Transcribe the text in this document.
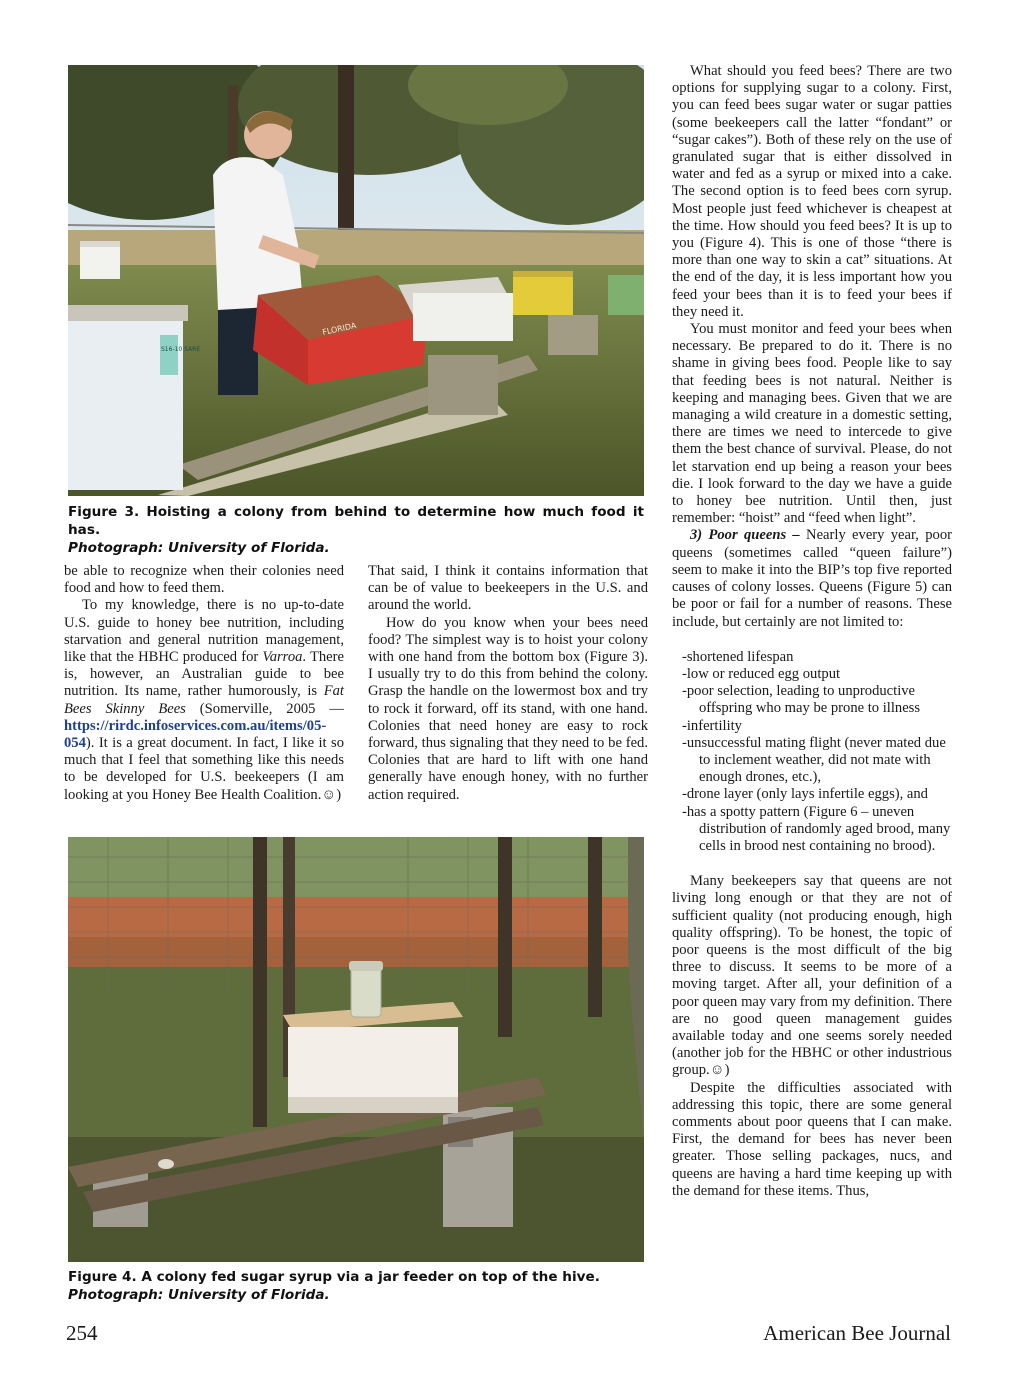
FLORIDA
S16-10 SARE
Figure 3. Hoisting a colony from behind to determine how much food it has.
Photograph: University of Florida.

be able to recognize when their colonies need food and how to feed them.

To my knowledge, there is no up-to-date U.S. guide to honey bee nutrition, including starvation and general nutrition management, like that the HBHC produced for Varroa. There is, however, an Australian guide to bee nutrition. Its name, rather humorously, is Fat Bees Skinny Bees (Somerville, 2005 — https://rirdc.infoservices.com.au/items/05-054). It is a great document. In fact, I like it so much that I feel that something like this needs to be developed for U.S. beekeepers (I am looking at you Honey Bee Health Coalition.☺)

That said, I think it contains information that can be of value to beekeepers in the U.S. and around the world.

How do you know when your bees need food? The simplest way is to hoist your colony with one hand from the bottom box (Figure 3). I usually try to do this from behind the colony. Grasp the handle on the lowermost box and try to rock it forward, off its stand, with one hand. Colonies that need honey are easy to rock forward, thus signaling that they need to be fed. Colonies that are hard to lift with one hand generally have enough honey, with no further action required.

Figure 4. A colony fed sugar syrup via a jar feeder on top of the hive.
Photograph: University of Florida.

What should you feed bees? There are two options for supplying sugar to a colony. First, you can feed bees sugar water or sugar patties (some beekeepers call the latter “fondant” or “sugar cakes”). Both of these rely on the use of granulated sugar that is either dissolved in water and fed as a syrup or mixed into a cake. The second option is to feed bees corn syrup. Most people just feed whichever is cheapest at the time. How should you feed bees? It is up to you (Figure 4). This is one of those “there is more than one way to skin a cat” situations. At the end of the day, it is less important how you feed your bees than it is to feed your bees if they need it.

You must monitor and feed your bees when necessary. Be prepared to do it. There is no shame in giving bees food. People like to say that feeding bees is not natural. Neither is keeping and managing bees. Given that we are managing a wild creature in a domestic setting, there are times we need to intercede to give them the best chance of survival. Please, do not let starvation end up being a reason your bees die. I look forward to the day we have a guide to honey bee nutrition. Until then, just remember: “hoist” and “feed when light”.

3) Poor queens – Nearly every year, poor queens (sometimes called “queen failure”) seem to make it into the BIP’s top five reported causes of colony losses. Queens (Figure 5) can be poor or fail for a number of reasons. These include, but certainly are not limited to:

-shortened lifespan
-low or reduced egg output
-poor selection, leading to unproductive offspring who may be prone to illness
-infertility
-unsuccessful mating flight (never mated due to inclement weather, did not mate with enough drones, etc.),
-drone layer (only lays infertile eggs), and
-has a spotty pattern (Figure 6 – uneven distribution of randomly aged brood, many cells in brood nest containing no brood).

Many beekeepers say that queens are not living long enough or that they are not of sufficient quality (not producing enough, high quality offspring). To be honest, the topic of poor queens is the most difficult of the big three to discuss. It seems to be more of a moving target. After all, your definition of a poor queen may vary from my definition. There are no good queen management guides available today and one seems sorely needed (another job for the HBHC or other industrious group.☺)

Despite the difficulties associated with addressing this topic, there are some general comments about poor queens that I can make. First, the demand for bees has never been greater. Those selling packages, nucs, and queens are having a hard time keeping up with the demand for these items. Thus,

254	American Bee Journal
